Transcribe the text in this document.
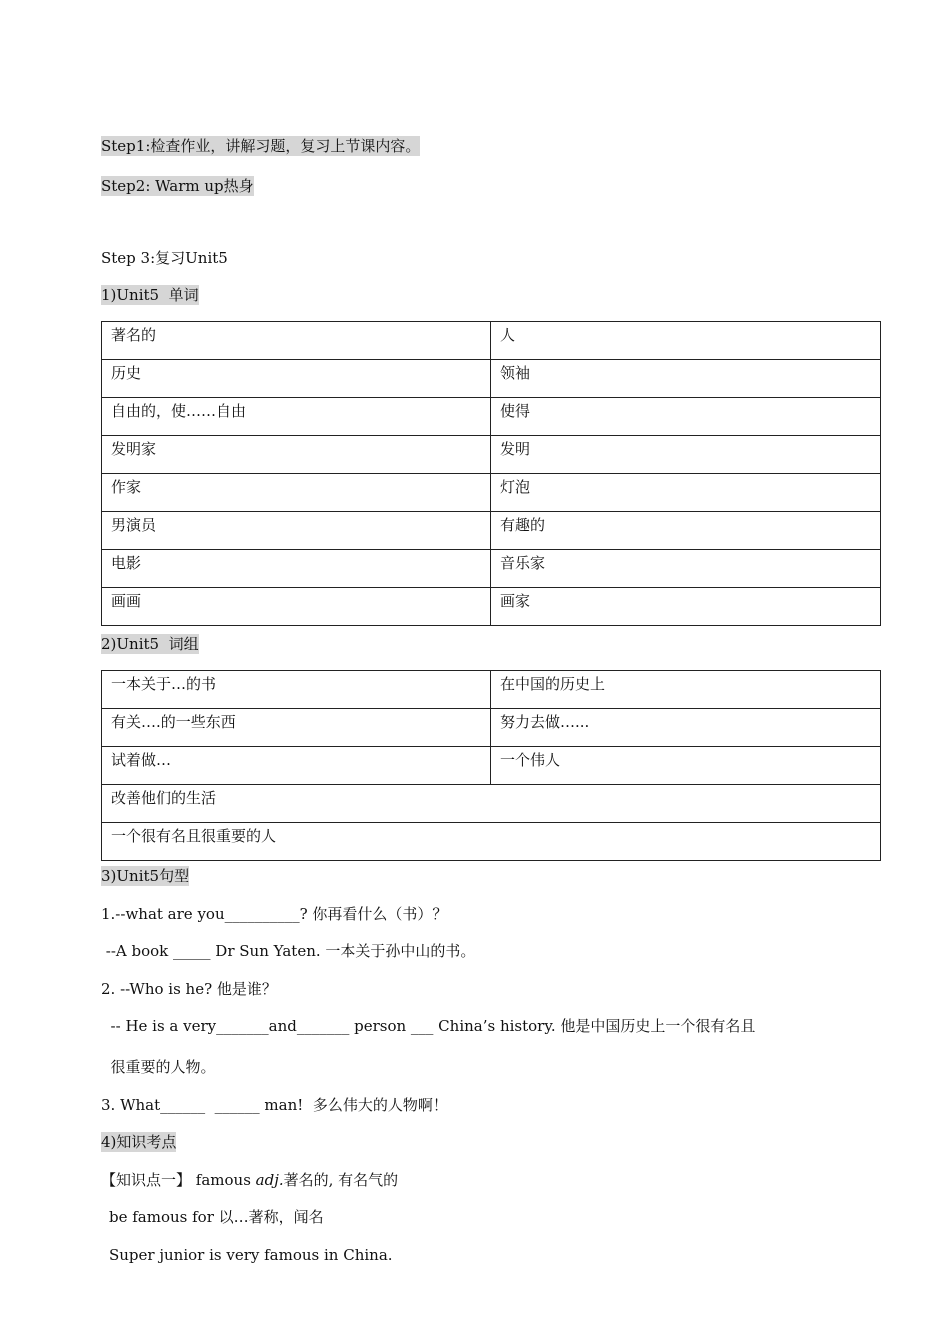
Step1:检查作业，讲解习题，复习上节课内容。
Step2: Warm up热身
Step 3:复习Unit5
1)Unit5  单词
著名的	人
历史	领袖
自由的，使……自由	使得
发明家	发明
作家	灯泡
男演员	有趣的
电影	音乐家
画画	画家
2)Unit5  词组
一本关于…的书	在中国的历史上
有关….的一些东西	努力去做…...
试着做…	一个伟人
改善他们的生活	
一个很有名且很重要的人	
3)Unit5句型
1.--what are you__________? 你再看什么（书）？
--A book _____ Dr Sun Yaten. 一本关于孙中山的书。
2. --Who is he? 他是谁？
-- He is a very_______and_______ person ___ China’s history. 他是中国历史上一个很有名且
很重要的人物。
3. What______  ______ man!  多么伟大的人物啊！
4)知识考点
【知识点一】 famous adj.著名的, 有名气的
be famous for 以…著称，闻名
Super junior is very famous in China.
